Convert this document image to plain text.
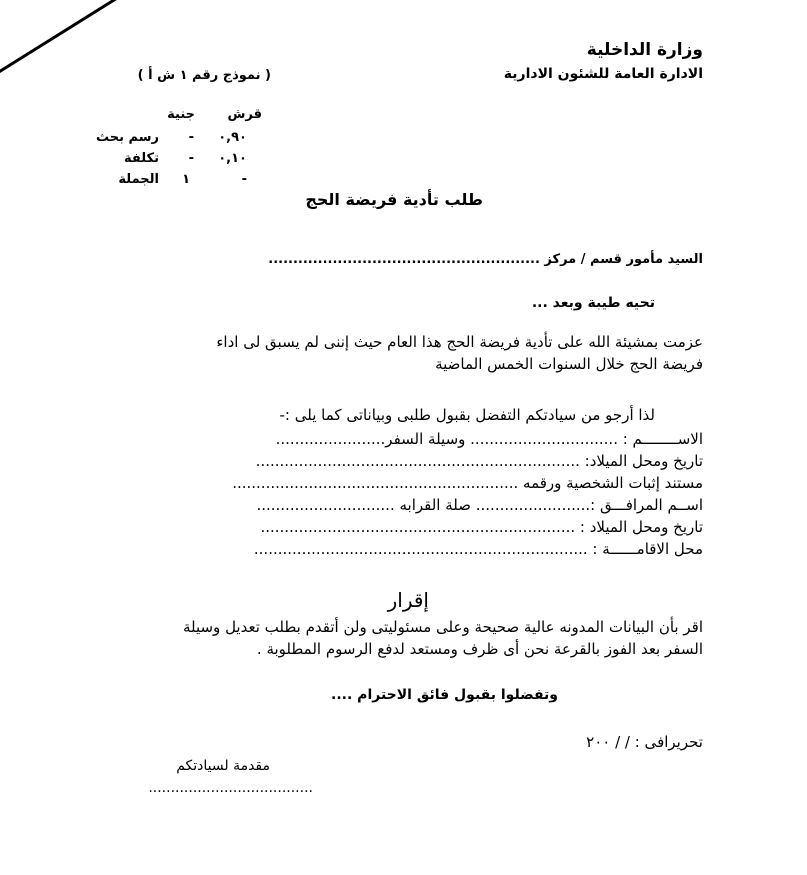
وزارة الداخلية
الادارة العامة للشئون الادارية
( نموذج رقم ١ ش أ )
قرش
جنية
٠,٩٠
-
رسم بحث
٠,١٠
-
تكلفة
-
١
الجملة
طلب تأدية فريضة الحج
السيد مأمور قسم / مركز .......................................................
تحيه طيبة وبعد ...
عزمت بمشيئة الله على تأدية فريضة الحج هذا العام حيث إننى لم يسبق لى اداء
فريضة الحج خلال السنوات الخمس الماضية
لذا أرجو من سيادتكم التفضل بقبول طلبى وبياناتى كما يلى :-
الاســــــــم : ............................... وسيلة السفر.......................
تاريخ ومحل الميلاد: ....................................................................
مستند إثبات الشخصية ورقمه ............................................................
اســم المرافـــق :........................ صلة القرابه .............................
تاريخ ومحل الميلاد : ..................................................................
محل الاقامــــــة : ......................................................................
إقرار
اقر بأن البيانات المدونه عالية صحيحة وعلى مسئوليتى ولن أتقدم بطلب تعديل وسيلة
السفر بعد الفوز بالقرعة نحن أى ظرف ومستعد لدفع الرسوم المطلوبة .
وتفضلوا بقبول فائق الاحترام ....
تحريرافى : / / ٢٠٠
مقدمة لسيادتكم
.....................................
